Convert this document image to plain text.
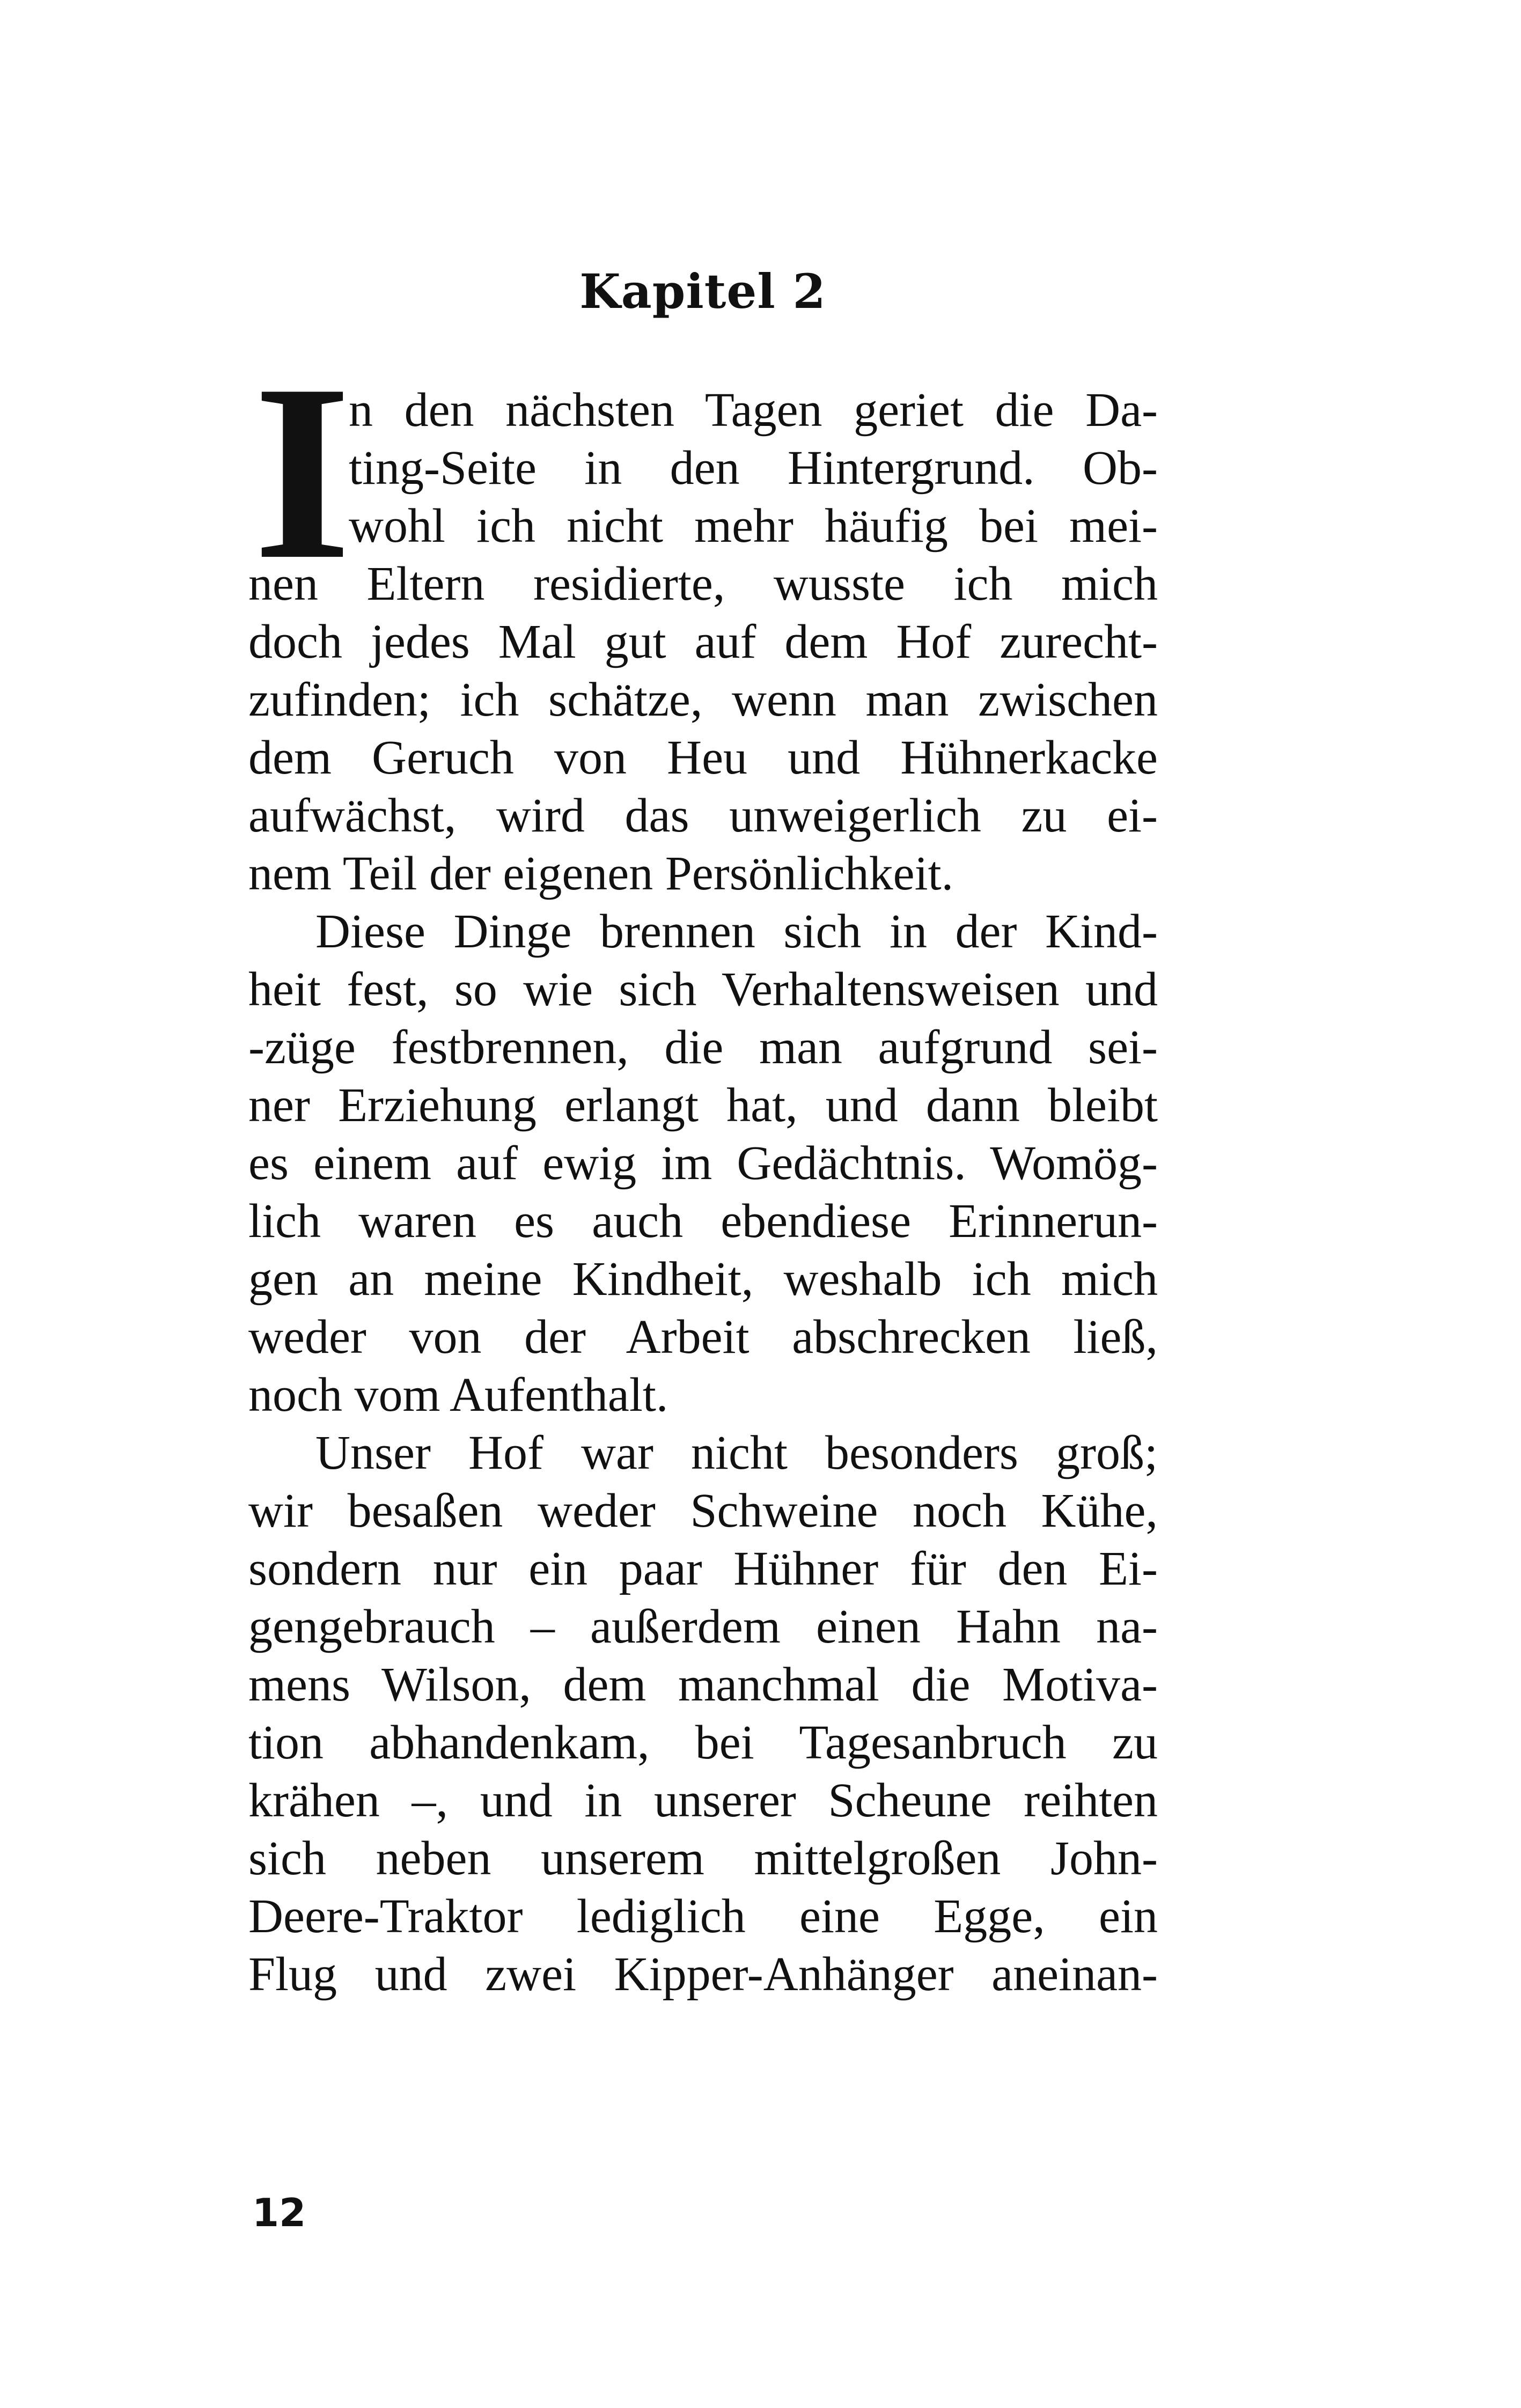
Kapitel 2
I
n den nächsten Tagen geriet die Da-
ting-Seite in den Hintergrund. Ob-
wohl ich nicht mehr häufig bei mei-
nen Eltern residierte, wusste ich mich
doch jedes Mal gut auf dem Hof zurecht-
zufinden; ich schätze, wenn man zwischen
dem Geruch von Heu und Hühnerkacke
aufwächst, wird das unweigerlich zu ei-
nem Teil der eigenen Persönlichkeit.
Diese Dinge brennen sich in der Kind-
heit fest, so wie sich Verhaltensweisen und
-züge festbrennen, die man aufgrund sei-
ner Erziehung erlangt hat, und dann bleibt
es einem auf ewig im Gedächtnis. Womög-
lich waren es auch ebendiese Erinnerun-
gen an meine Kindheit, weshalb ich mich
weder von der Arbeit abschrecken ließ,
noch vom Aufenthalt.
Unser Hof war nicht besonders groß;
wir besaßen weder Schweine noch Kühe,
sondern nur ein paar Hühner für den Ei-
gengebrauch – außerdem einen Hahn na-
mens Wilson, dem manchmal die Motiva-
tion abhandenkam, bei Tagesanbruch zu
krähen –, und in unserer Scheune reihten
sich neben unserem mittelgroßen John-
Deere-Traktor lediglich eine Egge, ein
Flug und zwei Kipper-Anhänger aneinan-
12
